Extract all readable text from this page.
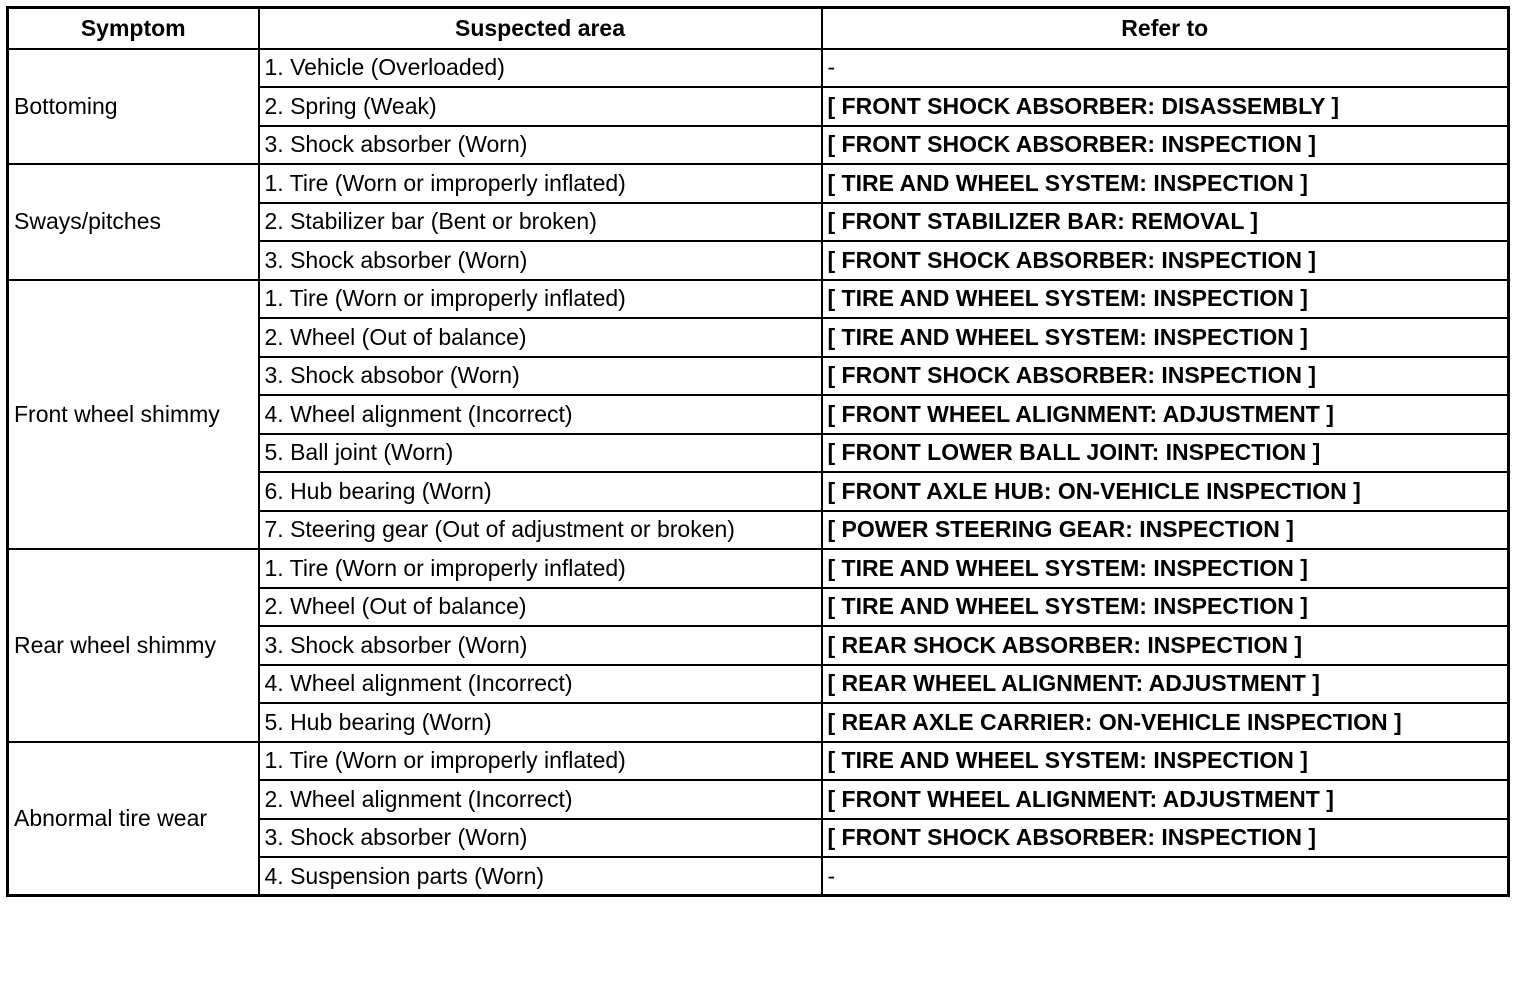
Symptom	Suspected area	Refer to
Bottoming	1. Vehicle (Overloaded)	-
	2. Spring (Weak)	[ FRONT SHOCK ABSORBER: DISASSEMBLY ]
	3. Shock absorber (Worn)	[ FRONT SHOCK ABSORBER: INSPECTION ]
Sways/pitches	1. Tire (Worn or improperly inflated)	[ TIRE AND WHEEL SYSTEM: INSPECTION ]
	2. Stabilizer bar (Bent or broken)	[ FRONT STABILIZER BAR: REMOVAL ]
	3. Shock absorber (Worn)	[ FRONT SHOCK ABSORBER: INSPECTION ]
Front wheel shimmy	1. Tire (Worn or improperly inflated)	[ TIRE AND WHEEL SYSTEM: INSPECTION ]
	2. Wheel (Out of balance)	[ TIRE AND WHEEL SYSTEM: INSPECTION ]
	3. Shock absobor (Worn)	[ FRONT SHOCK ABSORBER: INSPECTION ]
	4. Wheel alignment (Incorrect)	[ FRONT WHEEL ALIGNMENT: ADJUSTMENT ]
	5. Ball joint (Worn)	[ FRONT LOWER BALL JOINT: INSPECTION ]
	6. Hub bearing (Worn)	[ FRONT AXLE HUB: ON-VEHICLE INSPECTION ]
	7. Steering gear (Out of adjustment or broken)	[ POWER STEERING GEAR: INSPECTION ]
Rear wheel shimmy	1. Tire (Worn or improperly inflated)	[ TIRE AND WHEEL SYSTEM: INSPECTION ]
	2. Wheel (Out of balance)	[ TIRE AND WHEEL SYSTEM: INSPECTION ]
	3. Shock absorber (Worn)	[ REAR SHOCK ABSORBER: INSPECTION ]
	4. Wheel alignment (Incorrect)	[ REAR WHEEL ALIGNMENT: ADJUSTMENT ]
	5. Hub bearing (Worn)	[ REAR AXLE CARRIER: ON-VEHICLE INSPECTION ]
Abnormal tire wear	1. Tire (Worn or improperly inflated)	[ TIRE AND WHEEL SYSTEM: INSPECTION ]
	2. Wheel alignment (Incorrect)	[ FRONT WHEEL ALIGNMENT: ADJUSTMENT ]
	3. Shock absorber (Worn)	[ FRONT SHOCK ABSORBER: INSPECTION ]
	4. Suspension parts (Worn)	-
